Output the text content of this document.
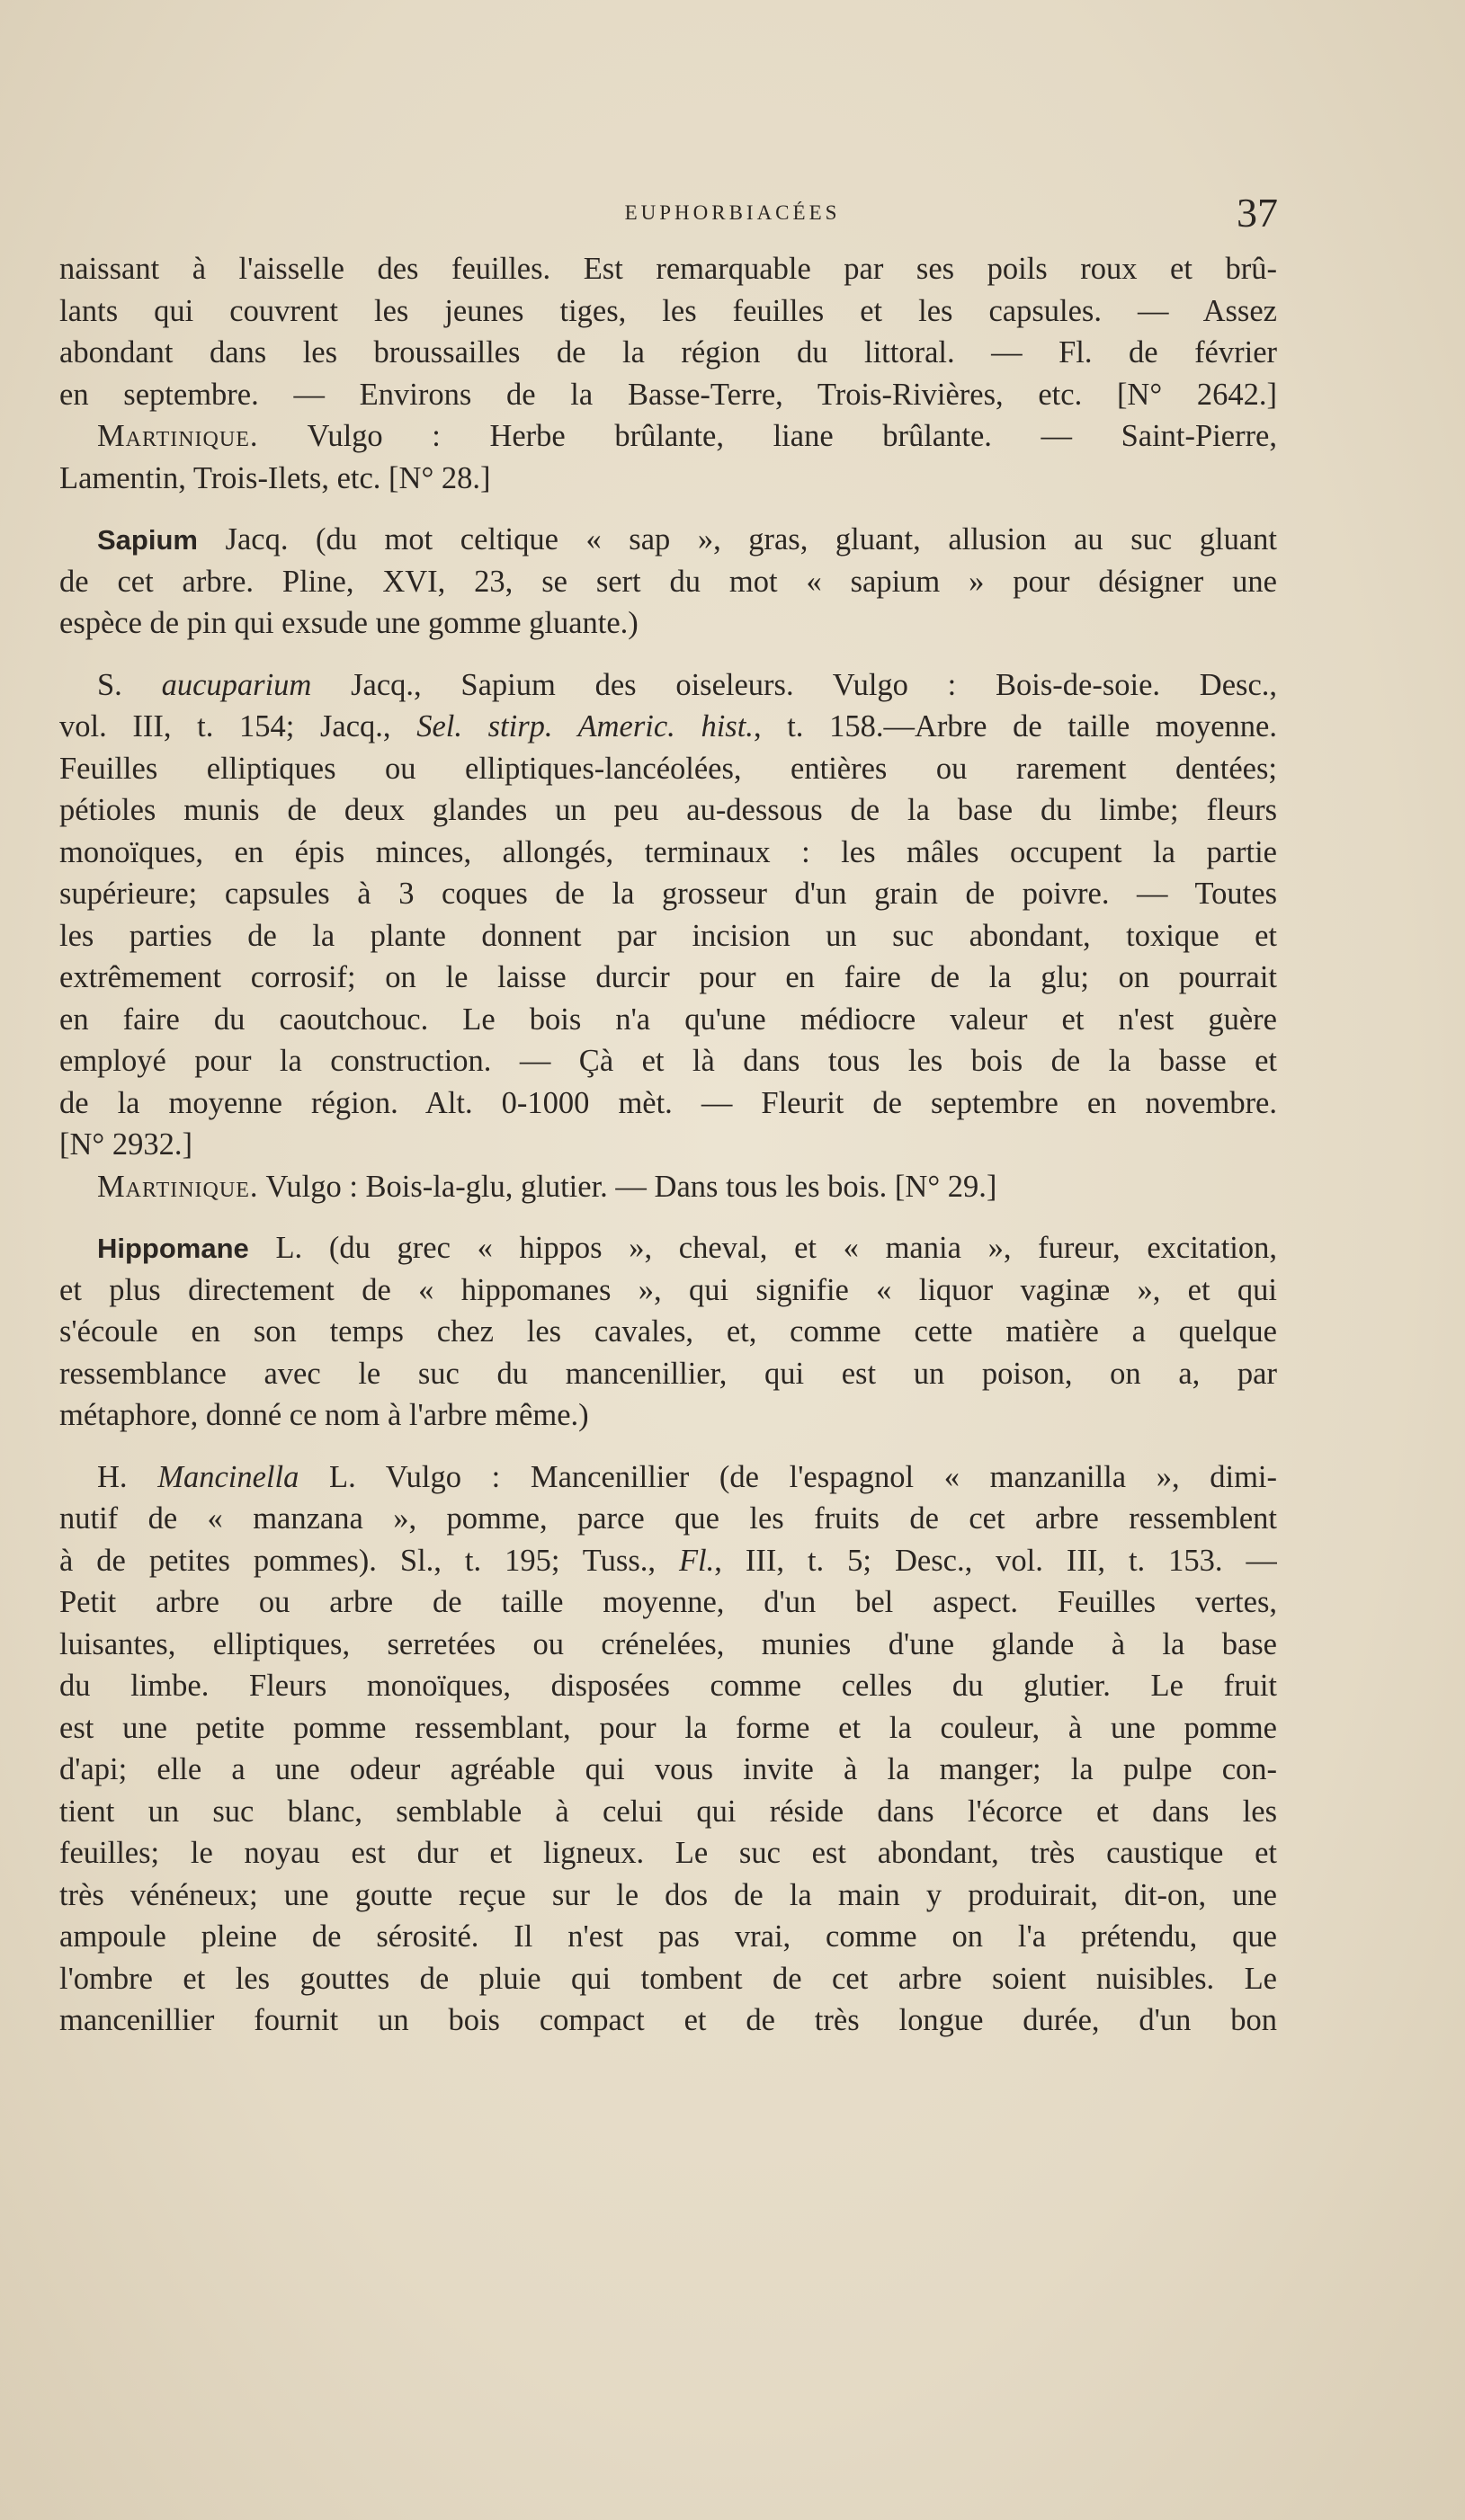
EUPHORBIACÉES	37
naissant à l'aisselle des feuilles. Est remarquable par ses poils roux et brû-
lants qui couvrent les jeunes tiges, les feuilles et les capsules. — Assez
abondant dans les broussailles de la région du littoral. — Fl. de février
en septembre. — Environs de la Basse-Terre, Trois-Rivières, etc. [N° 2642.]
Martinique. Vulgo : Herbe brûlante, liane brûlante. — Saint-Pierre,
Lamentin, Trois-Ilets, etc. [N° 28.]
Sapium Jacq. (du mot celtique « sap », gras, gluant, allusion au suc gluant
de cet arbre. Pline, XVI, 23, se sert du mot « sapium » pour désigner une
espèce de pin qui exsude une gomme gluante.)
S. aucuparium Jacq., Sapium des oiseleurs. Vulgo : Bois-de-soie. Desc.,
vol. III, t. 154; Jacq., Sel. stirp. Americ. hist., t. 158.—Arbre de taille moyenne.
Feuilles elliptiques ou elliptiques-lancéolées, entières ou rarement dentées;
pétioles munis de deux glandes un peu au-dessous de la base du limbe; fleurs
monoïques, en épis minces, allongés, terminaux : les mâles occupent la partie
supérieure; capsules à 3 coques de la grosseur d'un grain de poivre. — Toutes
les parties de la plante donnent par incision un suc abondant, toxique et
extrêmement corrosif; on le laisse durcir pour en faire de la glu; on pourrait
en faire du caoutchouc. Le bois n'a qu'une médiocre valeur et n'est guère
employé pour la construction. — Çà et là dans tous les bois de la basse et
de la moyenne région. Alt. 0-1000 mèt. — Fleurit de septembre en novembre.
[N° 2932.]
Martinique. Vulgo : Bois-la-glu, glutier. — Dans tous les bois. [N° 29.]
Hippomane L. (du grec « hippos », cheval, et « mania », fureur, excitation,
et plus directement de « hippomanes », qui signifie « liquor vaginæ », et qui
s'écoule en son temps chez les cavales, et, comme cette matière a quelque
ressemblance avec le suc du mancenillier, qui est un poison, on a, par
métaphore, donné ce nom à l'arbre même.)
H. Mancinella L. Vulgo : Mancenillier (de l'espagnol « manzanilla », dimi-
nutif de « manzana », pomme, parce que les fruits de cet arbre ressemblent
à de petites pommes). Sl., t. 195; Tuss., Fl., III, t. 5; Desc., vol. III, t. 153. —
Petit arbre ou arbre de taille moyenne, d'un bel aspect. Feuilles vertes,
luisantes, elliptiques, serretées ou crénelées, munies d'une glande à la base
du limbe. Fleurs monoïques, disposées comme celles du glutier. Le fruit
est une petite pomme ressemblant, pour la forme et la couleur, à une pomme
d'api; elle a une odeur agréable qui vous invite à la manger; la pulpe con-
tient un suc blanc, semblable à celui qui réside dans l'écorce et dans les
feuilles; le noyau est dur et ligneux. Le suc est abondant, très caustique et
très vénéneux; une goutte reçue sur le dos de la main y produirait, dit-on, une
ampoule pleine de sérosité. Il n'est pas vrai, comme on l'a prétendu, que
l'ombre et les gouttes de pluie qui tombent de cet arbre soient nuisibles. Le
mancenillier fournit un bois compact et de très longue durée, d'un bon
